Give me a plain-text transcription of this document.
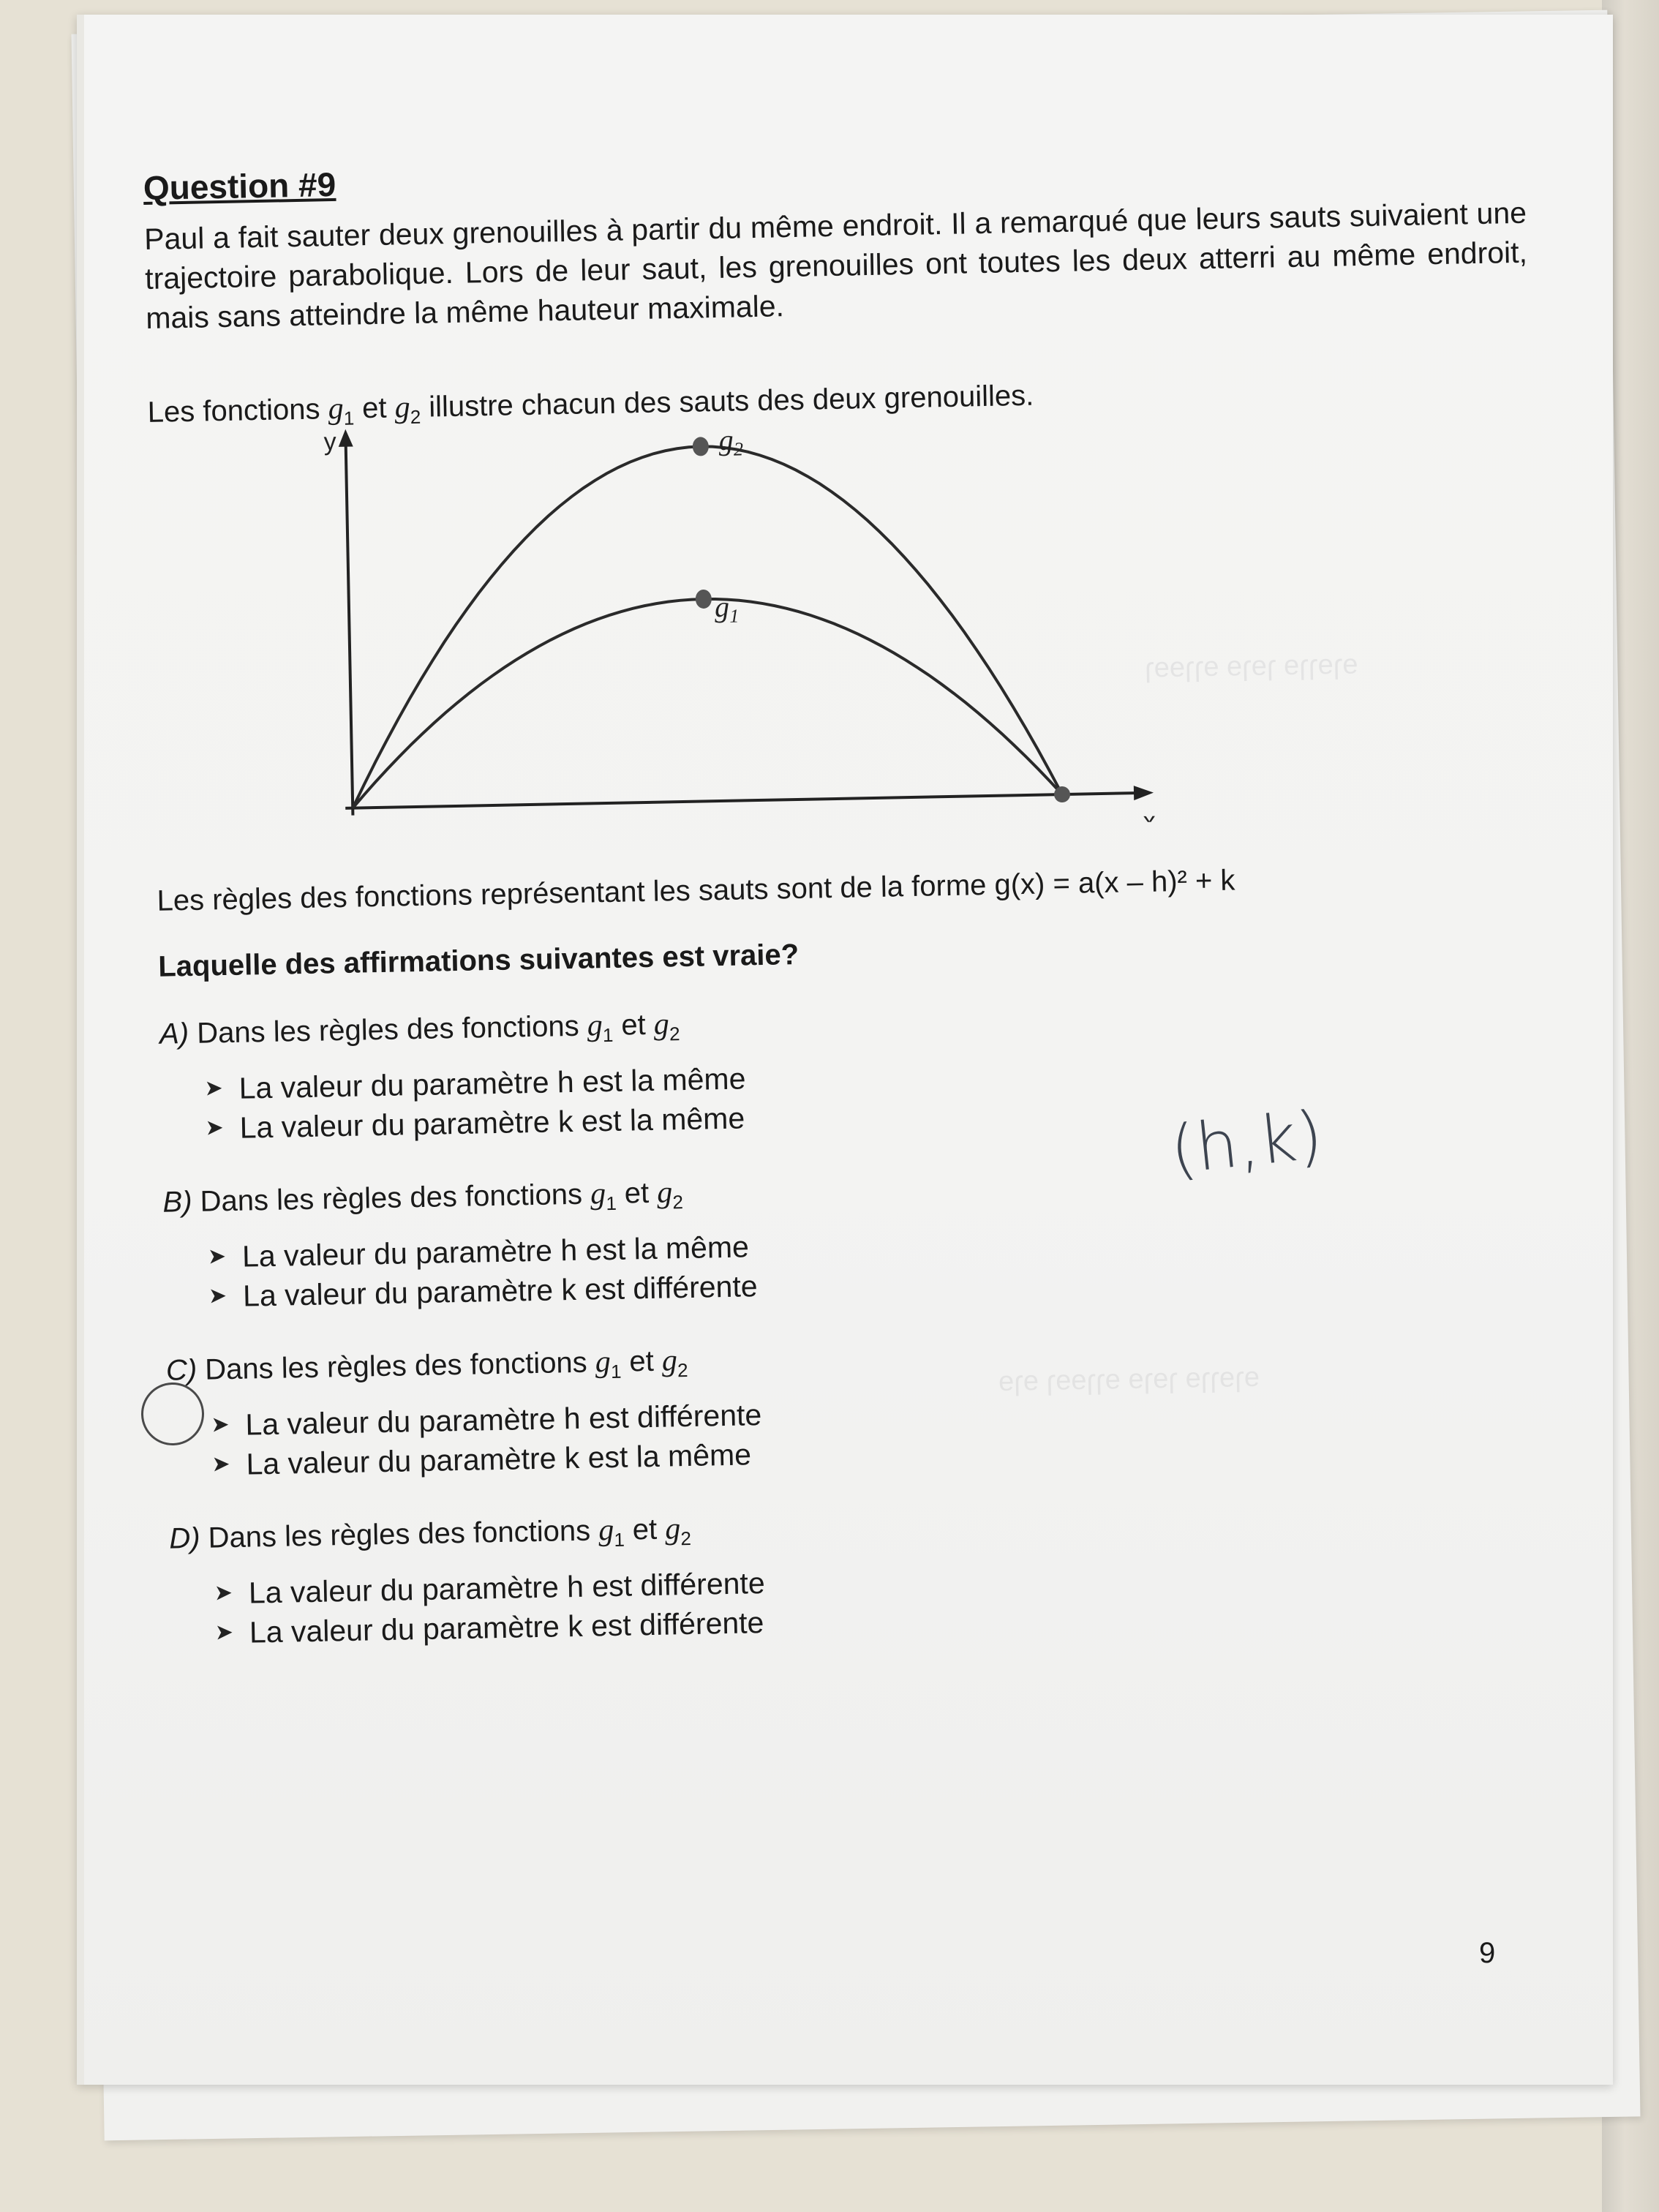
ɘɿɘɿɿɘ ɿɘɿɘ ɘɿɿɘɘɿ
ɘɿɘɿɿɘ ɿɘɿɘ ɘɿɿɘɘɿ ɘɿɘ
Question #9
Paul a fait sauter deux grenouilles à partir du même endroit. Il a remarqué que leurs sauts suivaient une trajectoire parabolique. Lors de leur saut, les grenouilles ont toutes les deux atterri au même endroit, mais sans atteindre la même hauteur maximale.
Les fonctions $g_1$ et $g_2$ illustre chacun des sauts des deux grenouilles.
y
x
$g_2$
$g_1$
Les règles des fonctions représentant les sauts sont de la forme g(x) = a(x – h)² + k
Laquelle des affirmations suivantes est vraie?
A) Dans les règles des fonctions $g_1$ et $g_2$
➤ La valeur du paramètre h est la même
➤ La valeur du paramètre k est la même
B) Dans les règles des fonctions $g_1$ et $g_2$
➤ La valeur du paramètre h est la même
➤ La valeur du paramètre k est différente
C) Dans les règles des fonctions $g_1$ et $g_2$
➤ La valeur du paramètre h est différente
➤ La valeur du paramètre k est la même
D) Dans les règles des fonctions $g_1$ et $g_2$
➤ La valeur du paramètre h est différente
➤ La valeur du paramètre k est différente
(h,k)
9
